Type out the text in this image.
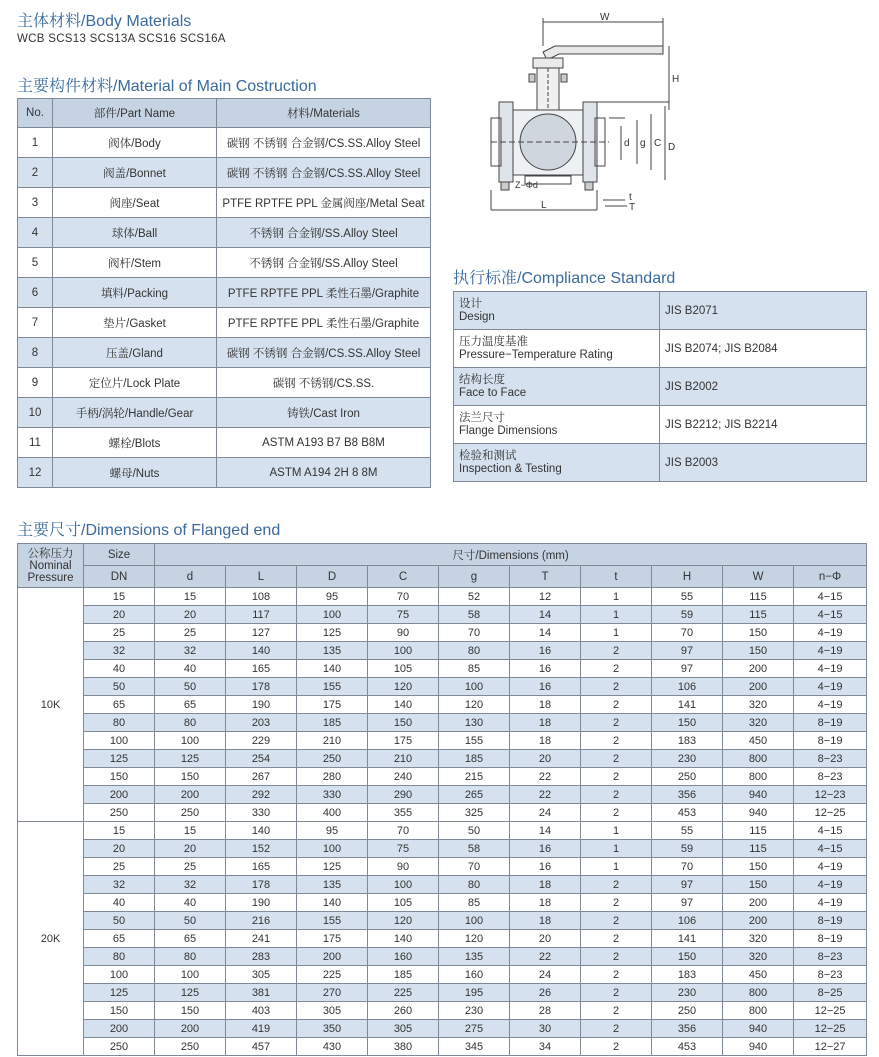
主体材料/Body Materials
WCB SCS13 SCS13A SCS16 SCS16A
主要构件材料/Material of Main Costruction
No.	部件/Part Name	材料/Materials
1	阀体/Body	碳钢 不锈钢 合金钢/CS.SS.Alloy Steel
2	阀盖/Bonnet	碳钢 不锈钢 合金钢/CS.SS.Alloy Steel
3	阀座/Seat	PTFE RPTFE PPL 金属阀座/Metal Seat
4	球体/Ball	不锈钢 合金钢/SS.Alloy Steel
5	阀杆/Stem	不锈钢 合金钢/SS.Alloy Steel
6	填料/Packing	PTFE RPTFE PPL 柔性石墨/Graphite
7	垫片/Gasket	PTFE RPTFE PPL 柔性石墨/Graphite
8	压盖/Gland	碳钢 不锈钢 合金钢/CS.SS.Alloy Steel
9	定位片/Lock Plate	碳钢 不锈钢/CS.SS.
10	手柄/涡轮/Handle/Gear	铸铁/Cast Iron
11	螺栓/Blots	ASTM A193 B7 B8 B8M
12	螺母/Nuts	ASTM A194 2H 8 8M
W
H
d g C D
L
t
T
Z−Φd
执行标准/Compliance Standard
设计
Design	JIS B2071

压力温度基准
Pressure−Temperature Rating	JIS B2074; JIS B2084

结构长度
Face to Face	JIS B2002

法兰尺寸
Flange Dimensions	JIS B2212; JIS B2214

检验和测试
Inspection & Testing	JIS B2003
主要尺寸/Dimensions of Flanged end
公称压力 Nominal Pressure	Size	尺寸/Dimensions (mm)									
	DN	d	L	D	C	g	T	t	H	W	n−Φ
10K	15	15	108	95	70	52	12	1	55	115	4−15
	20	20	117	100	75	58	14	1	59	115	4−15
	25	25	127	125	90	70	14	1	70	150	4−19
	32	32	140	135	100	80	16	2	97	150	4−19
	40	40	165	140	105	85	16	2	97	200	4−19
	50	50	178	155	120	100	16	2	106	200	4−19
	65	65	190	175	140	120	18	2	141	320	4−19
	80	80	203	185	150	130	18	2	150	320	8−19
	100	100	229	210	175	155	18	2	183	450	8−19
	125	125	254	250	210	185	20	2	230	800	8−23
	150	150	267	280	240	215	22	2	250	800	8−23
	200	200	292	330	290	265	22	2	356	940	12−23
	250	250	330	400	355	325	24	2	453	940	12−25
20K	15	15	140	95	70	50	14	1	55	115	4−15
	20	20	152	100	75	58	16	1	59	115	4−15
	25	25	165	125	90	70	16	1	70	150	4−19
	32	32	178	135	100	80	18	2	97	150	4−19
	40	40	190	140	105	85	18	2	97	200	4−19
	50	50	216	155	120	100	18	2	106	200	8−19
	65	65	241	175	140	120	20	2	141	320	8−19
	80	80	283	200	160	135	22	2	150	320	8−23
	100	100	305	225	185	160	24	2	183	450	8−23
	125	125	381	270	225	195	26	2	230	800	8−25
	150	150	403	305	260	230	28	2	250	800	12−25
	200	200	419	350	305	275	30	2	356	940	12−25
	250	250	457	430	380	345	34	2	453	940	12−27
